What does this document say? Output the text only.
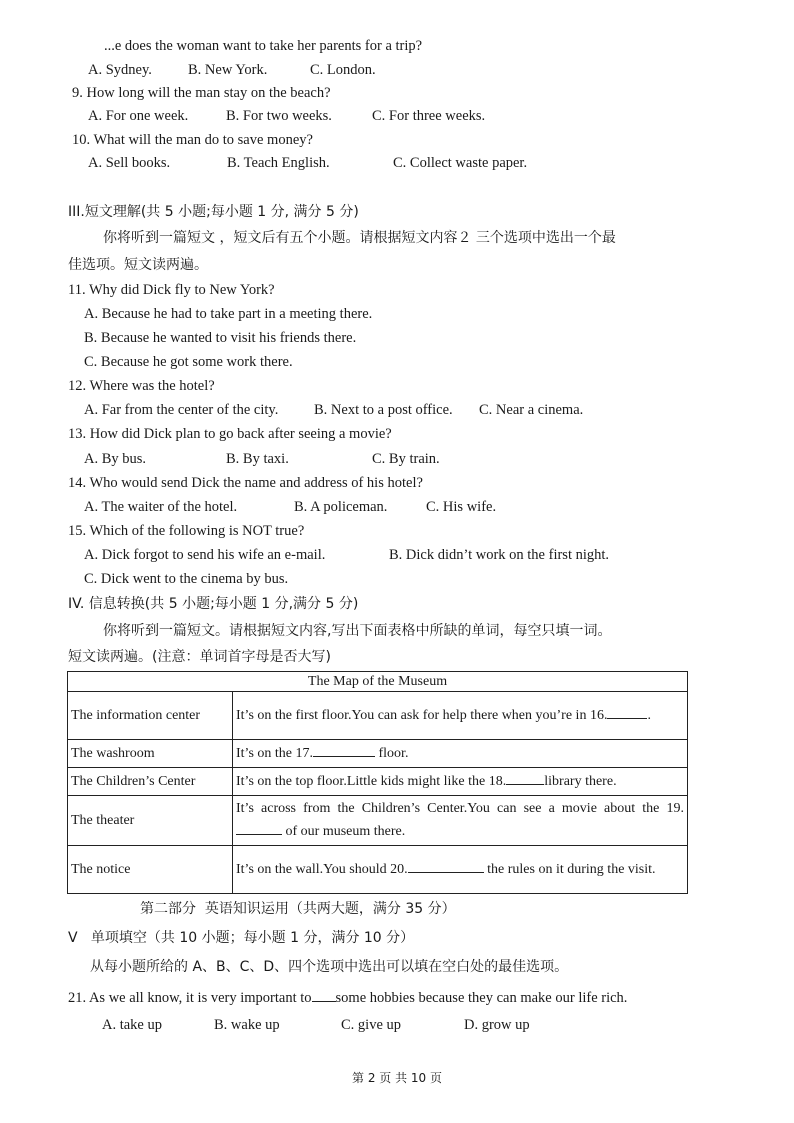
...e does the woman want to take her parents for a trip?
A. Sydney. B. New York.	C. London.
9. How long will the man stay on the beach?
A. For one week.	B. For two weeks.	C. For three weeks.
10. What will the man do to save money?
A. Sell books.	B. Teach English.	C. Collect waste paper.
III.短文理解(共 5 小题;每小题 1 分, 满分 5 分)
你将听到一篇短文 ，短文后有五个小题。请根据短文内容２ 三个选项中选出一个最
佳选项。短文读两遍。
11. Why did Dick fly to New York?
A. Because he had to take part in a meeting there.
B. Because he wanted to visit his friends there.
C. Because he got some work there.
12. Where was the hotel?
A. Far from the center of the city. B. Next to a post office. C. Near a cinema.
13. How did Dick plan to go back after seeing a movie?
A. By bus.	B. By taxi.	C. By train.
14. Who would send Dick the name and address of his hotel?
A. The waiter of the hotel.	B. A policeman.	C. His wife.
15. Which of the following is NOT true?
A. Dick forgot to send his wife an e-mail.	B. Dick didn’t work on the first night.
C. Dick went to the cinema by bus.
IV. 信息转换(共 5 小题;每小题 1 分,满分 5 分)
你将听到一篇短文。请根据短文内容,写出下面表格中所缺的单词，每空只填一词。
短文读两遍。(注意：单词首字母是否大写)
The Map of the Museum	
The information center	It’s on the first floor.You can ask for help there when you’re in 16. .
The washroom	It’s on the 17. floor.
The Children’s Center	It’s on the top floor.Little kids might like the 18. library there.
The theater	It’s across from the Children’s Center.You can see a movie about the 19. of our museum there.
The notice	It’s on the wall.You should 20. the rules on it during the visit.
第二部分  英语知识运用（共两大题，满分 35 分）
V   单项填空（共 10 小题；每小题 1 分，满分 10 分）
从每小题所给的 A、B、C、D、四个选项中选出可以填在空白处的最佳选项。
21. As we all know, it is very important to some hobbies because they can make our life rich.
A. take up	B. wake up	C. give up	D. grow up
第 2 页 共 10 页
